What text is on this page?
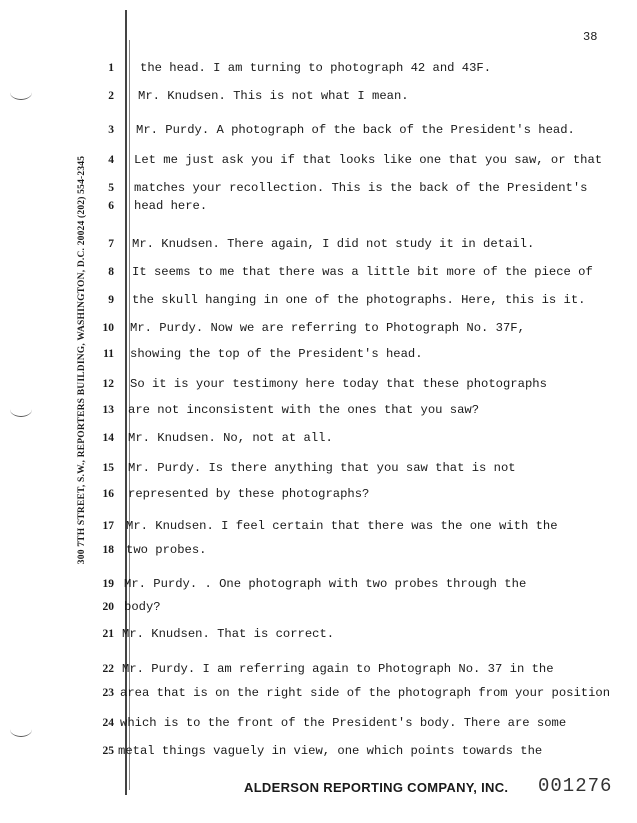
38
300 7TH STREET, S.W., REPORTERS BUILDING, WASHINGTON, D.C. 20024 (202) 554-2345
1 the head. I am turning to photograph 42 and 43F.
2 Mr. Knudsen. This is not what I mean.
3 Mr. Purdy. A photograph of the back of the President's head.
4 Let me just ask you if that looks like one that you saw, or that
5 matches your recollection. This is the back of the President's
6 head here.
7 Mr. Knudsen. There again, I did not study it in detail.
8 It seems to me that there was a little bit more of the piece of
9 the skull hanging in one of the photographs. Here, this is it.
10 Mr. Purdy. Now we are referring to Photograph No. 37F,
11 showing the top of the President's head.
12 So it is your testimony here today that these photographs
13 are not inconsistent with the ones that you saw?
14 Mr. Knudsen. No, not at all.
15 Mr. Purdy. Is there anything that you saw that is not
16 represented by these photographs?
17 Mr. Knudsen. I feel certain that there was the one with the
18 two probes.
19 Mr. Purdy. . One photograph with two probes through the
20 body?
21 Mr. Knudsen. That is correct.
22 Mr. Purdy. I am referring again to Photograph No. 37 in the
23 area that is on the right side of the photograph from your position
24 which is to the front of the President's body. There are some
25 metal things vaguely in view, one which points towards the
ALDERSON REPORTING COMPANY, INC. 001276
